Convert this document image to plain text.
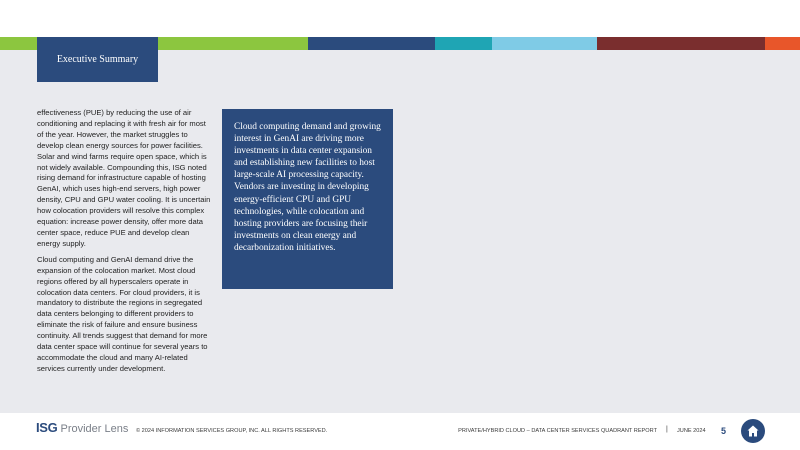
Executive Summary

effectiveness (PUE) by reducing the use of air conditioning and replacing it with fresh air for most of the year. However, the market struggles to develop clean energy sources for power facilities. Solar and wind farms require open space, which is not widely available. Compounding this, ISG noted rising demand for infrastructure capable of hosting GenAI, which uses high-end servers, high power density, CPU and GPU water cooling. It is uncertain how colocation providers will resolve this complex equation: increase power density, offer more data center space, reduce PUE and develop clean energy supply.

Cloud computing and GenAI demand drive the expansion of the colocation market. Most cloud regions offered by all hyperscalers operate in colocation data centers. For cloud providers, it is mandatory to distribute the regions in segregated data centers belonging to different providers to eliminate the risk of failure and ensure business continuity. All trends suggest that demand for more data center space will continue for several years to accommodate the cloud and many AI-related services currently under development.

Cloud computing demand and growing interest in GenAI are driving more investments in data center expansion and establishing new facilities to host large-scale AI processing capacity. Vendors are investing in developing energy-efficient CPU and GPU technologies, while colocation and hosting providers are focusing their investments on clean energy and decarbonization initiatives.
ISG Provider Lens © 2024 INFORMATION SERVICES GROUP, INC. ALL RIGHTS RESERVED.	PRIVATE/HYBRID CLOUD – DATA CENTER SERVICES QUADRANT REPORT | JUNE 2024 5
